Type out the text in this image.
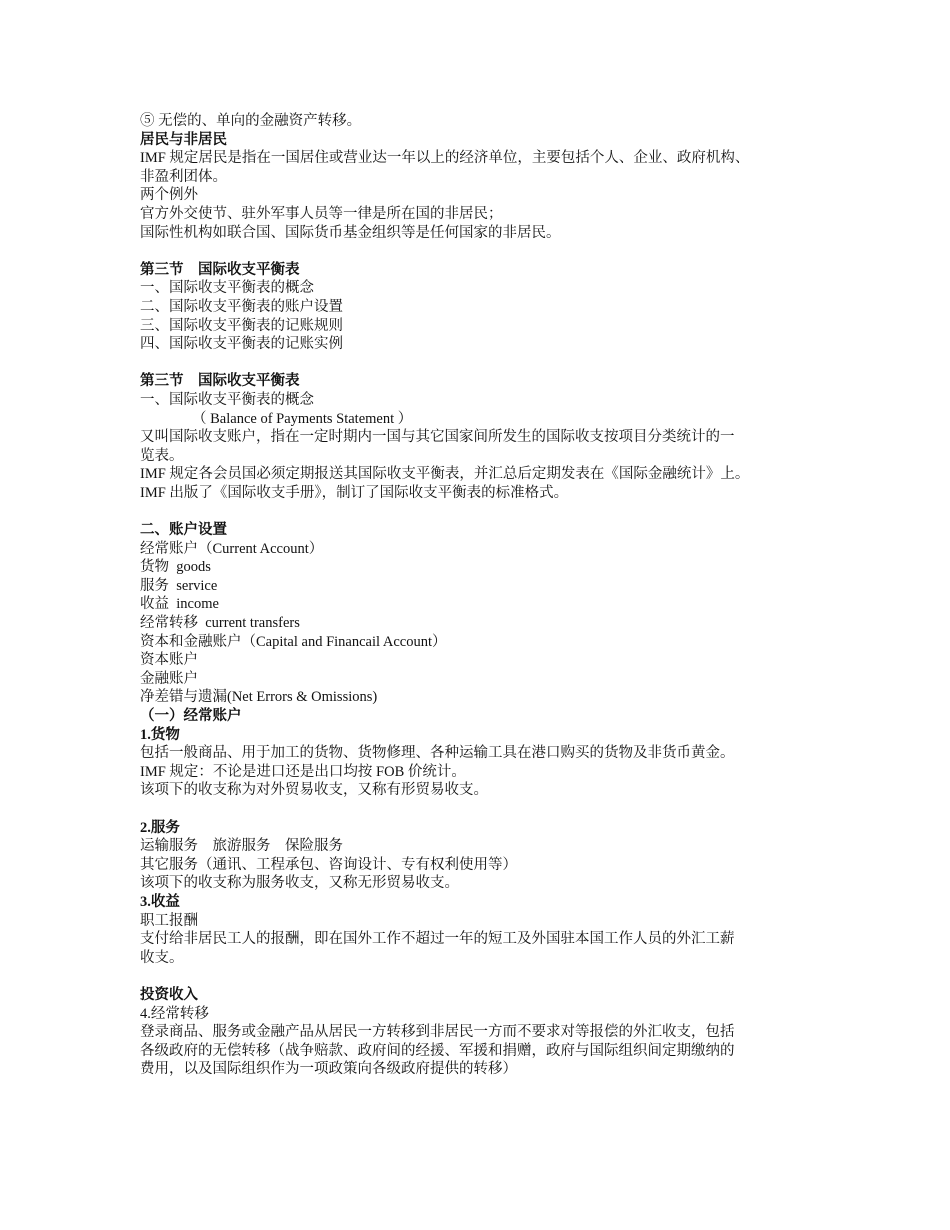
⑤ 无偿的、单向的金融资产转移。

居民与非居民

IMF 规定居民是指在一国居住或营业达一年以上的经济单位，主要包括个人、企业、政府机构、

非盈利团体。

两个例外

官方外交使节、驻外军事人员等一律是所在国的非居民；

国际性机构如联合国、国际货币基金组织等是任何国家的非居民。

第三节　国际收支平衡表

一、国际收支平衡表的概念

二、国际收支平衡表的账户设置

三、国际收支平衡表的记账规则

四、国际收支平衡表的记账实例

第三节　国际收支平衡表

一、国际收支平衡表的概念

（ Balance of Payments Statement ）

又叫国际收支账户，指在一定时期内一国与其它国家间所发生的国际收支按项目分类统计的一

览表。

IMF 规定各会员国必须定期报送其国际收支平衡表，并汇总后定期发表在《国际金融统计》上。

IMF 出版了《国际收支手册》，制订了国际收支平衡表的标准格式。

二、账户设置

经常账户（Current Account）

货物  goods

服务  service

收益  income

经常转移  current transfers

资本和金融账户（Capital and Financail Account）

资本账户

金融账户

净差错与遗漏(Net Errors & Omissions)

（一）经常账户

1.货物

包括一般商品、用于加工的货物、货物修理、各种运输工具在港口购买的货物及非货币黄金。

IMF 规定：不论是进口还是出口均按 FOB 价统计。

该项下的收支称为对外贸易收支，又称有形贸易收支。

2.服务

运输服务　旅游服务　保险服务

其它服务（通讯、工程承包、咨询设计、专有权利使用等）

该项下的收支称为服务收支，又称无形贸易收支。

3.收益

职工报酬

支付给非居民工人的报酬，即在国外工作不超过一年的短工及外国驻本国工作人员的外汇工薪

收支。

投资收入

4.经常转移

登录商品、服务或金融产品从居民一方转移到非居民一方而不要求对等报偿的外汇收支，包括

各级政府的无偿转移（战争赔款、政府间的经援、军援和捐赠，政府与国际组织间定期缴纳的

费用，以及国际组织作为一项政策向各级政府提供的转移）
